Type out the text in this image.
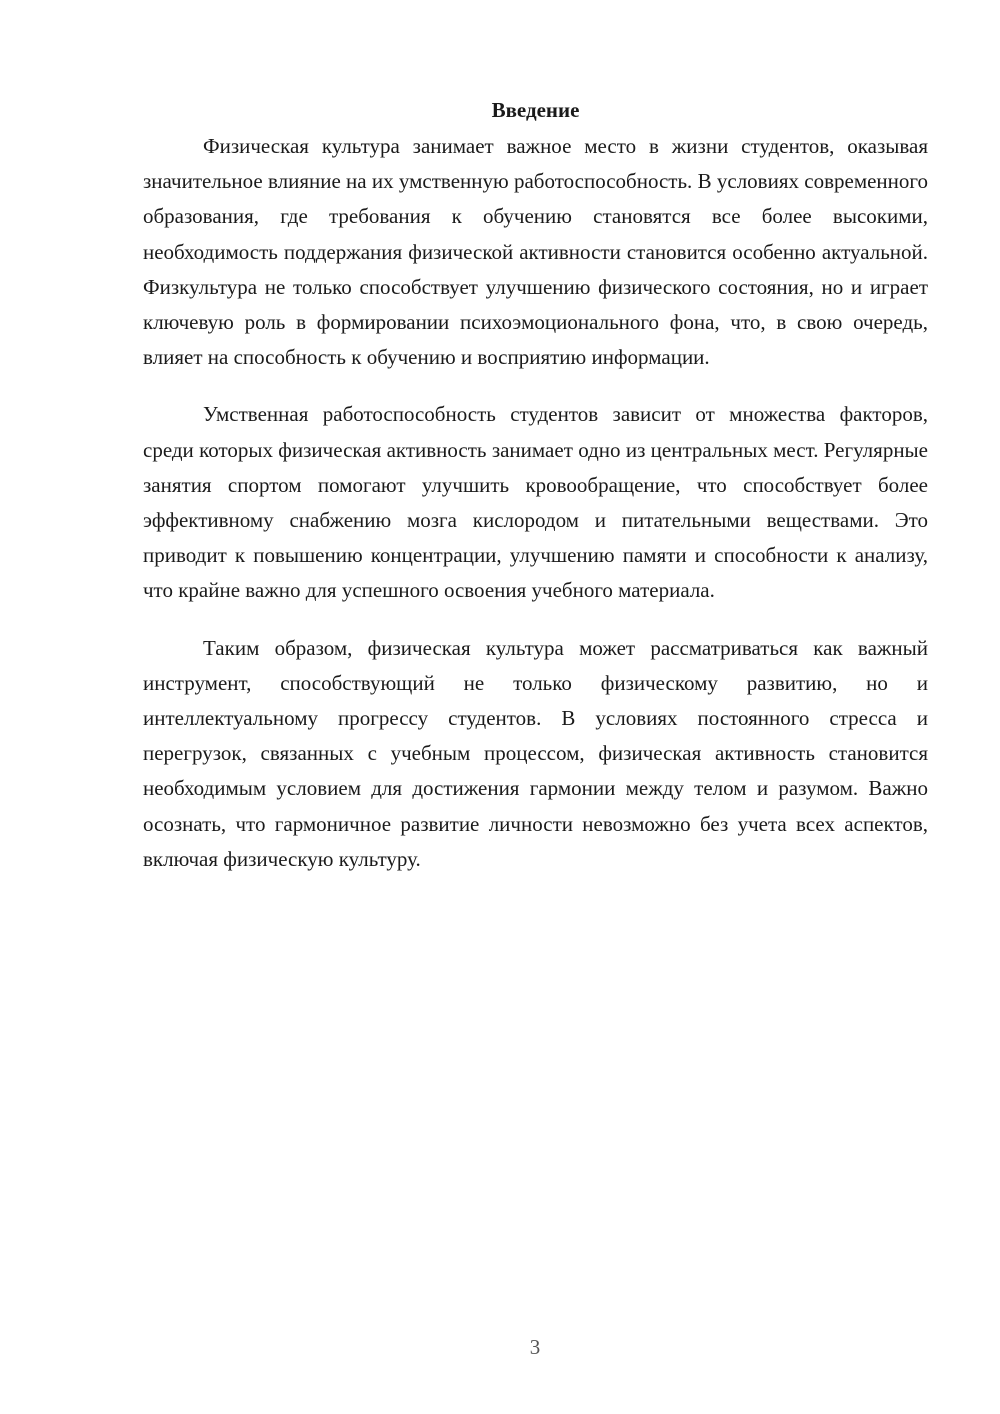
Введение

Физическая культура занимает важное место в жизни студентов, оказывая значительное влияние на их умственную работоспособность. В условиях современного образования, где требования к обучению становятся все более высокими, необходимость поддержания физической активности становится особенно актуальной. Физкультура не только способствует улучшению физического состояния, но и играет ключевую роль в формировании психоэмоционального фона, что, в свою очередь, влияет на способность к обучению и восприятию информации.

Умственная работоспособность студентов зависит от множества факторов, среди которых физическая активность занимает одно из центральных мест. Регулярные занятия спортом помогают улучшить кровообращение, что способствует более эффективному снабжению мозга кислородом и питательными веществами. Это приводит к повышению концентрации, улучшению памяти и способности к анализу, что крайне важно для успешного освоения учебного материала.

Таким образом, физическая культура может рассматриваться как важный инструмент, способствующий не только физическому развитию, но и интеллектуальному прогрессу студентов. В условиях постоянного стресса и перегрузок, связанных с учебным процессом, физическая активность становится необходимым условием для достижения гармонии между телом и разумом. Важно осознать, что гармоничное развитие личности невозможно без учета всех аспектов, включая физическую культуру.

3
